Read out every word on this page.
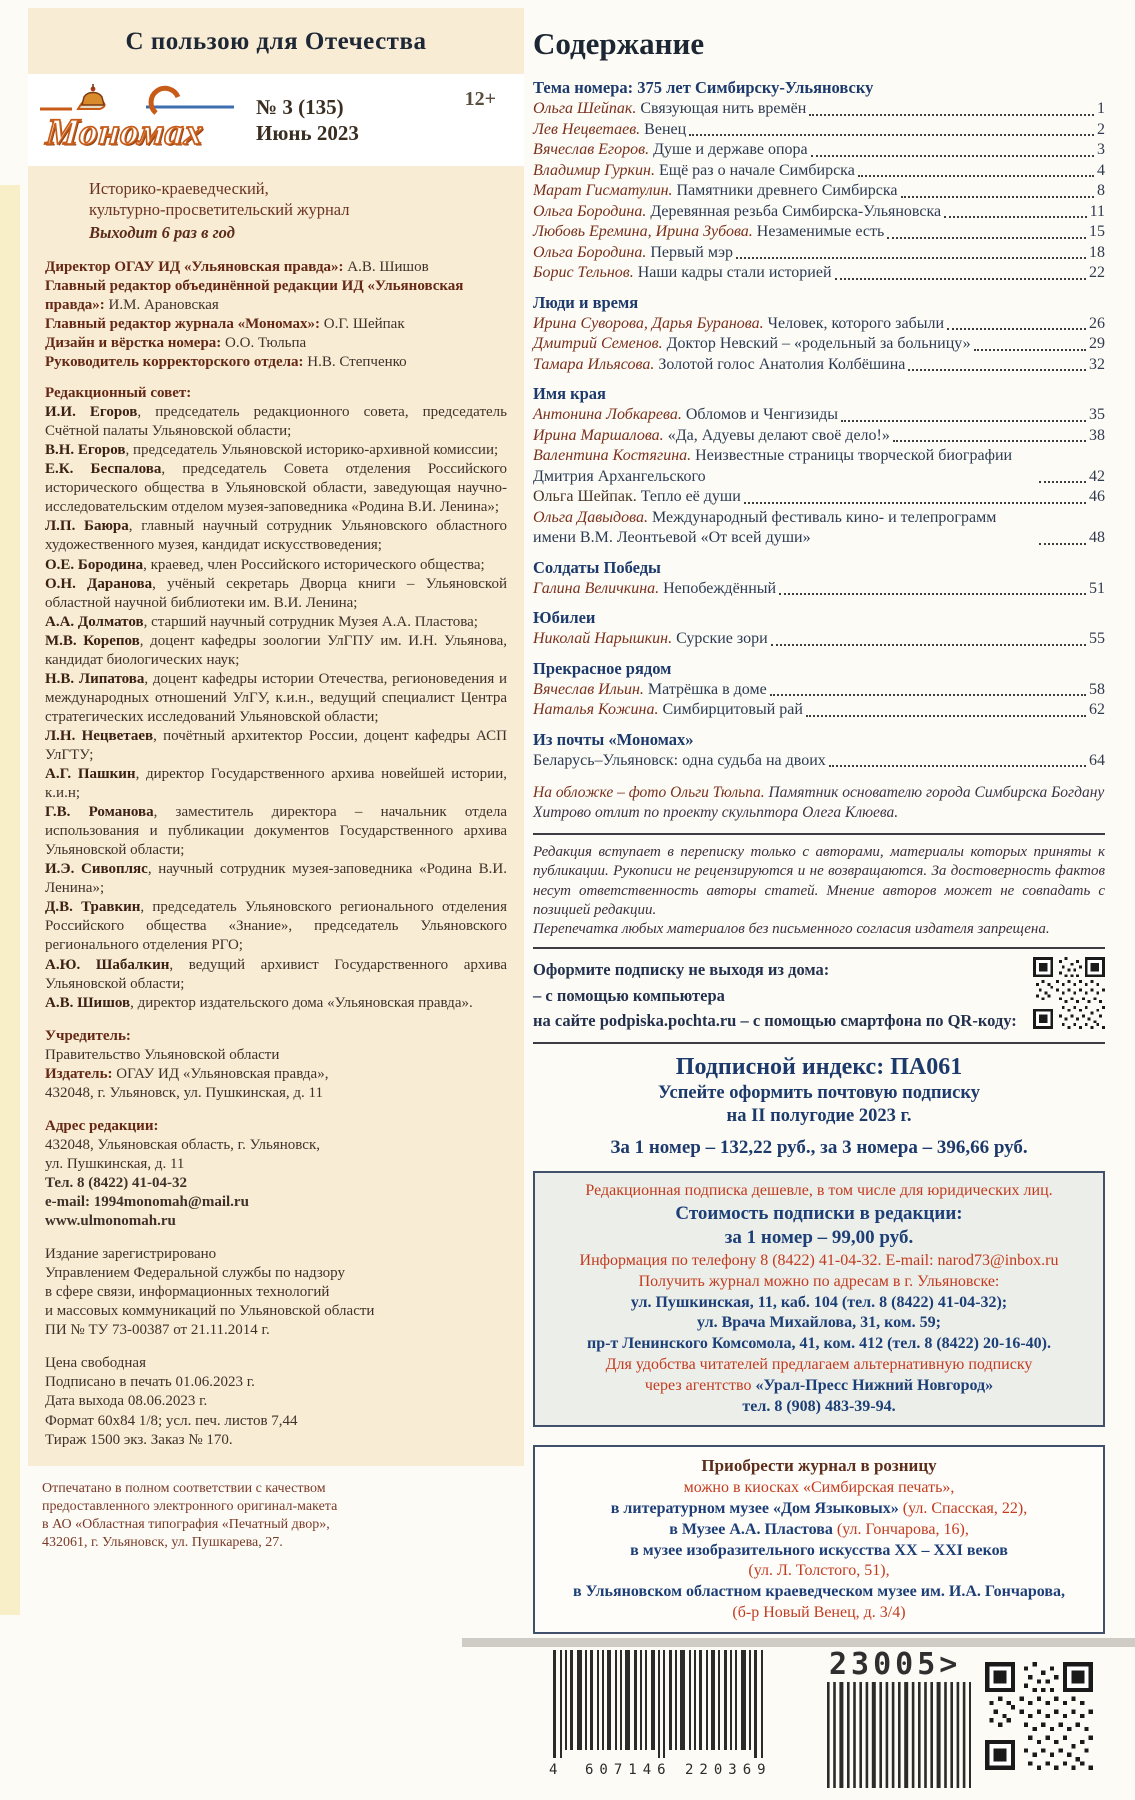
С пользою для Отечества

Мономах
№ 3 (135)
Июнь 2023
12+

Историко-краеведческий,

культурно-просветительский журнал

Выходит 6 раз в год

Директор ОГАУ ИД «Ульяновская правда»: А.В. Шишов

Главный редактор объединённой редакции ИД «Ульяновская правда»: И.М. Арановская

Главный редактор журнала «Мономах»: О.Г. Шейпак

Дизайн и вёрстка номера: О.О. Тюльпа

Руководитель корректорского отдела: Н.В. Степченко

Редакционный совет:

И.И. Егоров, председатель редакционного совета, председатель Счётной палаты Ульяновской области;

В.Н. Егоров, председатель Ульяновской историко-архивной комиссии;

Е.К. Беспалова, председатель Совета отделения Российского исторического общества в Ульяновской области, заведующая научно-исследовательским отделом музея-заповедника «Родина В.И. Ленина»;

Л.П. Баюра, главный научный сотрудник Ульяновского областного художественного музея, кандидат искусствоведения;

О.Е. Бородина, краевед, член Российского исторического общества;

О.Н. Даранова, учёный секретарь Дворца книги – Ульяновской областной научной библиотеки им. В.И. Ленина;

А.А. Долматов, старший научный сотрудник Музея А.А. Пластова;

М.В. Корепов, доцент кафедры зоологии УлГПУ им. И.Н. Ульянова, кандидат биологических наук;

Н.В. Липатова, доцент кафедры истории Отечества, регионоведения и международных отношений УлГУ, к.и.н., ведущий специалист Центра стратегических исследований Ульяновской области;

Л.Н. Нецветаев, почётный архитектор России, доцент кафедры АСП УлГТУ;

А.Г. Пашкин, директор Государственного архива новейшей истории, к.и.н;

Г.В. Романова, заместитель директора – начальник отдела использования и публикации документов Государственного архива Ульяновской области;

И.Э. Сивопляс, научный сотрудник музея-заповедника «Родина В.И. Ленина»;

Д.В. Травкин, председатель Ульяновского регионального отделения Российского общества «Знание», председатель Ульяновского регионального отделения РГО;

А.Ю. Шабалкин, ведущий архивист Государственного архива Ульяновской области;

А.В. Шишов, директор издательского дома «Ульяновская правда».

Учредитель:

Правительство Ульяновской области

Издатель: ОГАУ ИД «Ульяновская правда»,

432048, г. Ульяновск, ул. Пушкинская, д. 11

Адрес редакции:

432048, Ульяновская область, г. Ульяновск,

ул. Пушкинская, д. 11

Тел. 8 (8422) 41-04-32

e-mail: 1994monomah@mail.ru

www.ulmonomah.ru

Издание зарегистрировано

Управлением Федеральной службы по надзору

в сфере связи, информационных технологий

и массовых коммуникаций по Ульяновской области

ПИ № ТУ 73-00387 от 21.11.2014 г.

Цена свободная

Подписано в печать 01.06.2023 г.

Дата выхода 08.06.2023 г.

Формат 60х84 1/8; усл. печ. листов 7,44

Тираж 1500 экз. Заказ № 170.

Отпечатано в полном соответствии с качеством

предоставленного электронного оригинал-макета

в АО «Областная типография «Печатный двор»,

432061, г. Ульяновск, ул. Пушкарева, 27.

Содержание
Тема номера: 375 лет Симбирску-Ульяновску
Ольга Шейпак. Связующая нить времён	1
Лев Нецветаев. Венец	2
Вячеслав Егоров. Душе и державе опора	3
Владимир Гуркин. Ещё раз о начале Симбирска	4
Марат Гисматулин. Памятники древнего Симбирска	8
Ольга Бородина. Деревянная резьба Симбирска-Ульяновска	11
Любовь Еремина, Ирина Зубова. Незаменимые есть	15
Ольга Бородина. Первый мэр	18
Борис Тельнов. Наши кадры стали историей	22
Люди и время
Ирина Суворова, Дарья Буранова. Человек, которого забыли	26
Дмитрий Семенов. Доктор Невский – «родельный за больницу»	29
Тамара Ильясова. Золотой голос Анатолия Колбёшина	32
Имя края
Антонина Лобкарева. Обломов и Ченгизиды	35
Ирина Маршалова. «Да, Адуевы делают своё дело!»	38
Валентина Костягина. Неизвестные страницы творческой биографии Дмитрия Архангельского	42
Ольга Шейпак. Тепло её души	46
Ольга Давыдова. Международный фестиваль кино- и телепрограмм имени В.М. Леонтьевой «От всей души»	48
Солдаты Победы
Галина Величкина. Непобеждённый	51
Юбилеи
Николай Нарышкин. Сурские зори	55
Прекрасное рядом
Вячеслав Ильин. Матрёшка в доме	58
Наталья Кожина. Симбирцитовый рай	62
Из почты «Мономах»
Беларусь–Ульяновск: одна судьба на двоих	64

На обложке – фото Ольги Тюльпа. Памятник основателю города Симбирска Богдану Хитрово отлит по проекту скульптора Олега Клюева.

Редакция вступает в переписку только с авторами, материалы которых приняты к публикации. Рукописи не рецензируются и не возвращаются. За достоверность фактов несут ответственность авторы статей. Мнение авторов может не совпадать с позицией редакции.

Перепечатка любых материалов без письменного согласия издателя запрещена.

Оформите подписку не выходя из дома:

– с помощью компьютера

на сайте podpiska.pochta.ru – с помощью смартфона по QR-коду:

Подписной индекс: ПА061

Успейте оформить почтовую подписку

на II полугодие 2023 г.

За 1 номер – 132,22 руб., за 3 номера – 396,66 руб.

Редакционная подписка дешевле, в том числе для юридических лиц.

Стоимость подписки в редакции:

за 1 номер – 99,00 руб.

Информация по телефону 8 (8422) 41-04-32. E-mail: narod73@inbox.ru

Получить журнал можно по адресам в г. Ульяновске:

ул. Пушкинская, 11, каб. 104 (тел. 8 (8422) 41-04-32);

ул. Врача Михайлова, 31, ком. 59;

пр-т Ленинского Комсомола, 41, ком. 412 (тел. 8 (8422) 20-16-40).

Для удобства читателей предлагаем альтернативную подписку

через агентство «Урал-Пресс Нижний Новгород»

тел. 8 (908) 483-39-94.

Приобрести журнал в розницу

можно в киосках «Симбирская печать»,

в литературном музее «Дом Языковых» (ул. Спасская, 22),

в Музее А.А. Пластова (ул. Гончарова, 16),

в музее изобразительного искусства XX – XXI веков

(ул. Л. Толстого, 51),

в Ульяновском областном краеведческом музее им. И.А. Гончарова,

(б-р Новый Венец, д. 3/4)

4 607146 220369
23005>
